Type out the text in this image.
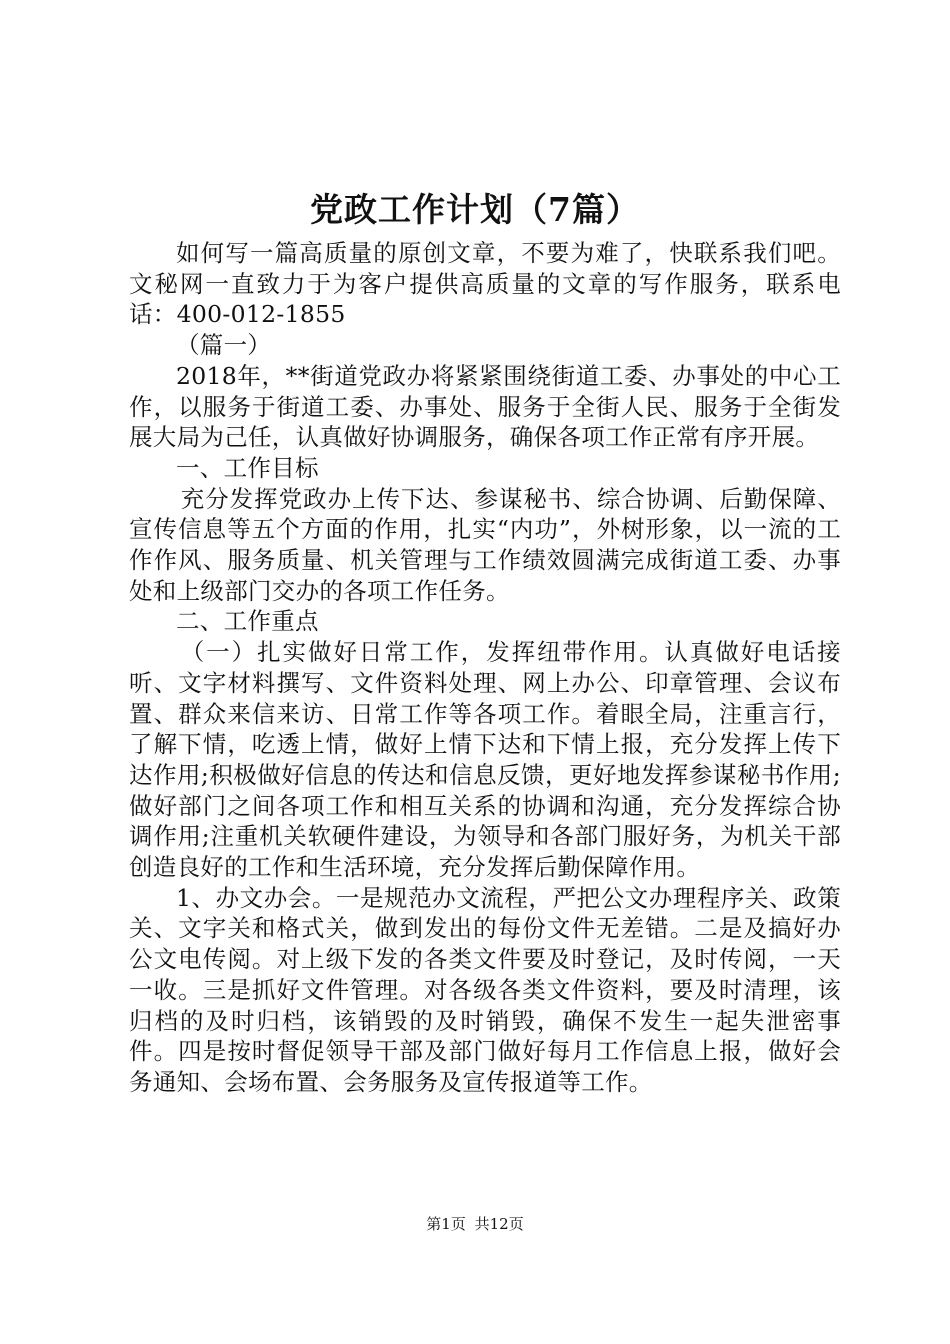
党政工作计划（7篇）

如何写一篇高质量的原创文章，不要为难了，快联系我们吧。文秘网一直致力于为客户提供高质量的文章的写作服务，联系电话：400-012-1855

（篇一）

2018年，**街道党政办将紧紧围绕街道工委、办事处的中心工作，以服务于街道工委、办事处、服务于全街人民、服务于全街发展大局为己任，认真做好协调服务，确保各项工作正常有序开展。

一、工作目标

充分发挥党政办上传下达、参谋秘书、综合协调、后勤保障、宣传信息等五个方面的作用，扎实“内功”，外树形象，以一流的工作作风、服务质量、机关管理与工作绩效圆满完成街道工委、办事处和上级部门交办的各项工作任务。

二、工作重点

（一）扎实做好日常工作，发挥纽带作用。认真做好电话接听、文字材料撰写、文件资料处理、网上办公、印章管理、会议布置、群众来信来访、日常工作等各项工作。着眼全局，注重言行，了解下情，吃透上情，做好上情下达和下情上报，充分发挥上传下达作用;积极做好信息的传达和信息反馈，更好地发挥参谋秘书作用;做好部门之间各项工作和相互关系的协调和沟通，充分发挥综合协调作用;注重机关软硬件建设，为领导和各部门服好务，为机关干部创造良好的工作和生活环境，充分发挥后勤保障作用。

1、办文办会。一是规范办文流程，严把公文办理程序关、政策关、文字关和格式关，做到发出的每份文件无差错。二是及搞好办公文电传阅。对上级下发的各类文件要及时登记，及时传阅，一天一收。三是抓好文件管理。对各级各类文件资料，要及时清理，该归档的及时归档，该销毁的及时销毁，确保不发生一起失泄密事件。四是按时督促领导干部及部门做好每月工作信息上报，做好会务通知、会场布置、会务服务及宣传报道等工作。

第1页 共12页
